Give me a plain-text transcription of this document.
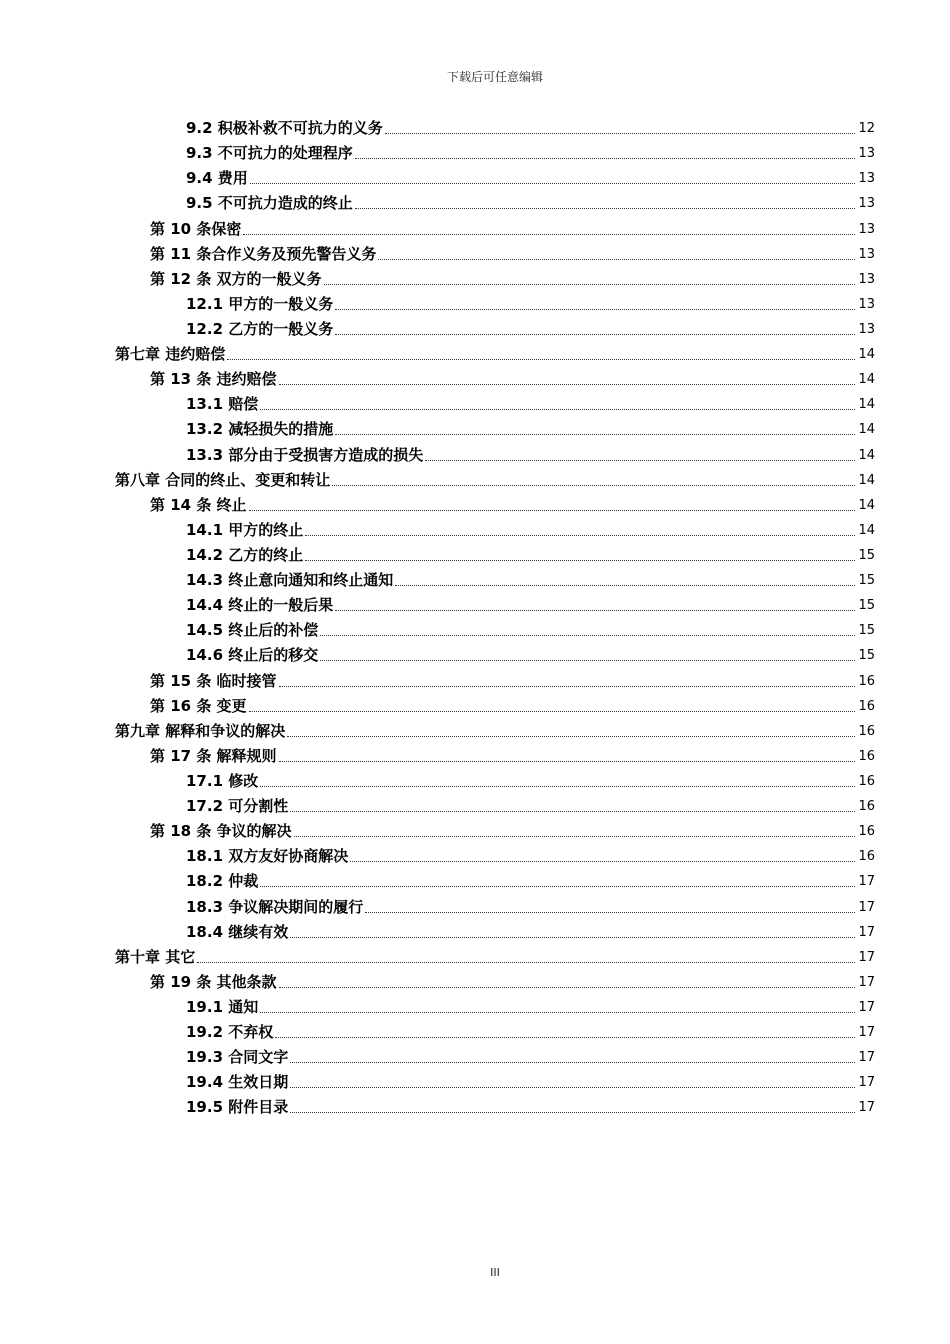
下载后可任意编辑
9.2 积极补救不可抗力的义务	12
9.3 不可抗力的处理程序	13
9.4 费用	13
9.5 不可抗力造成的终止	13
第 10 条保密	13
第 11 条合作义务及预先警告义务	13
第 12 条 双方的一般义务	13
12.1 甲方的一般义务	13
12.2 乙方的一般义务	13
第七章 违约赔偿	14
第 13 条 违约赔偿	14
13.1 赔偿	14
13.2 减轻损失的措施	14
13.3 部分由于受损害方造成的损失	14
第八章 合同的终止、变更和转让	14
第 14 条 终止	14
14.1 甲方的终止	14
14.2 乙方的终止	15
14.3 终止意向通知和终止通知	15
14.4 终止的一般后果	15
14.5 终止后的补偿	15
14.6 终止后的移交	15
第 15 条 临时接管	16
第 16 条 变更	16
第九章 解释和争议的解决	16
第 17 条 解释规则	16
17.1 修改	16
17.2 可分割性	16
第 18 条 争议的解决	16
18.1 双方友好协商解决	16
18.2 仲裁	17
18.3 争议解决期间的履行	17
18.4 继续有效	17
第十章 其它	17
第 19 条 其他条款	17
19.1 通知	17
19.2 不弃权	17
19.3 合同文字	17
19.4 生效日期	17
19.5 附件目录	17
III
